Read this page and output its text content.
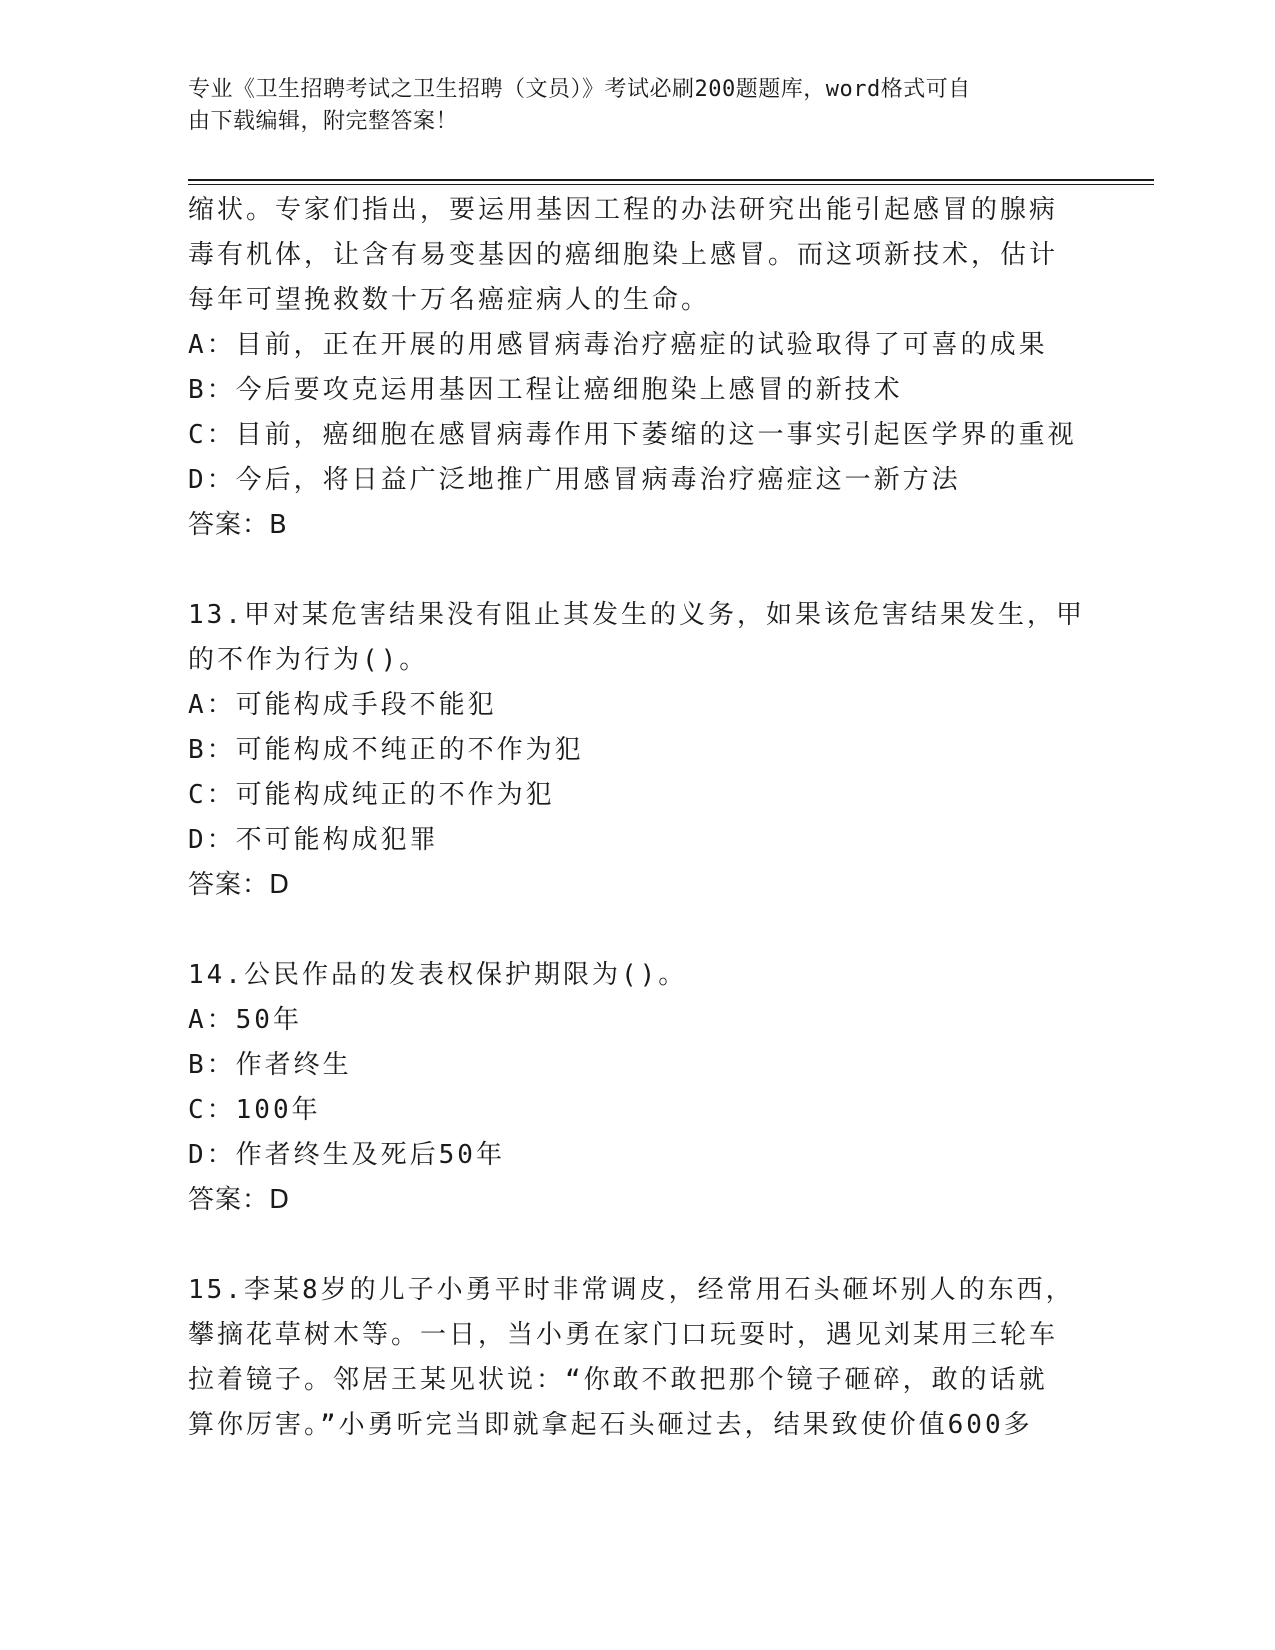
专业《卫生招聘考试之卫生招聘（文员）》考试必刷200题题库，word格式可自
由下载编辑，附完整答案！
缩状。专家们指出，要运用基因工程的办法研究出能引起感冒的腺病
毒有机体，让含有易变基因的癌细胞染上感冒。而这项新技术，估计
每年可望挽救数十万名癌症病人的生命。
A：目前，正在开展的用感冒病毒治疗癌症的试验取得了可喜的成果
B：今后要攻克运用基因工程让癌细胞染上感冒的新技术
C：目前，癌细胞在感冒病毒作用下萎缩的这一事实引起医学界的重视
D：今后，将日益广泛地推广用感冒病毒治疗癌症这一新方法
答案：B
13.甲对某危害结果没有阻止其发生的义务，如果该危害结果发生，甲
的不作为行为()。
A：可能构成手段不能犯
B：可能构成不纯正的不作为犯
C：可能构成纯正的不作为犯
D：不可能构成犯罪
答案：D
14.公民作品的发表权保护期限为()。
A：50年
B：作者终生
C：100年
D：作者终生及死后50年
答案：D
15.李某8岁的儿子小勇平时非常调皮，经常用石头砸坏别人的东西，
攀摘花草树木等。一日，当小勇在家门口玩耍时，遇见刘某用三轮车
拉着镜子。邻居王某见状说：“你敢不敢把那个镜子砸碎，敢的话就
算你厉害。”小勇听完当即就拿起石头砸过去，结果致使价值600多
